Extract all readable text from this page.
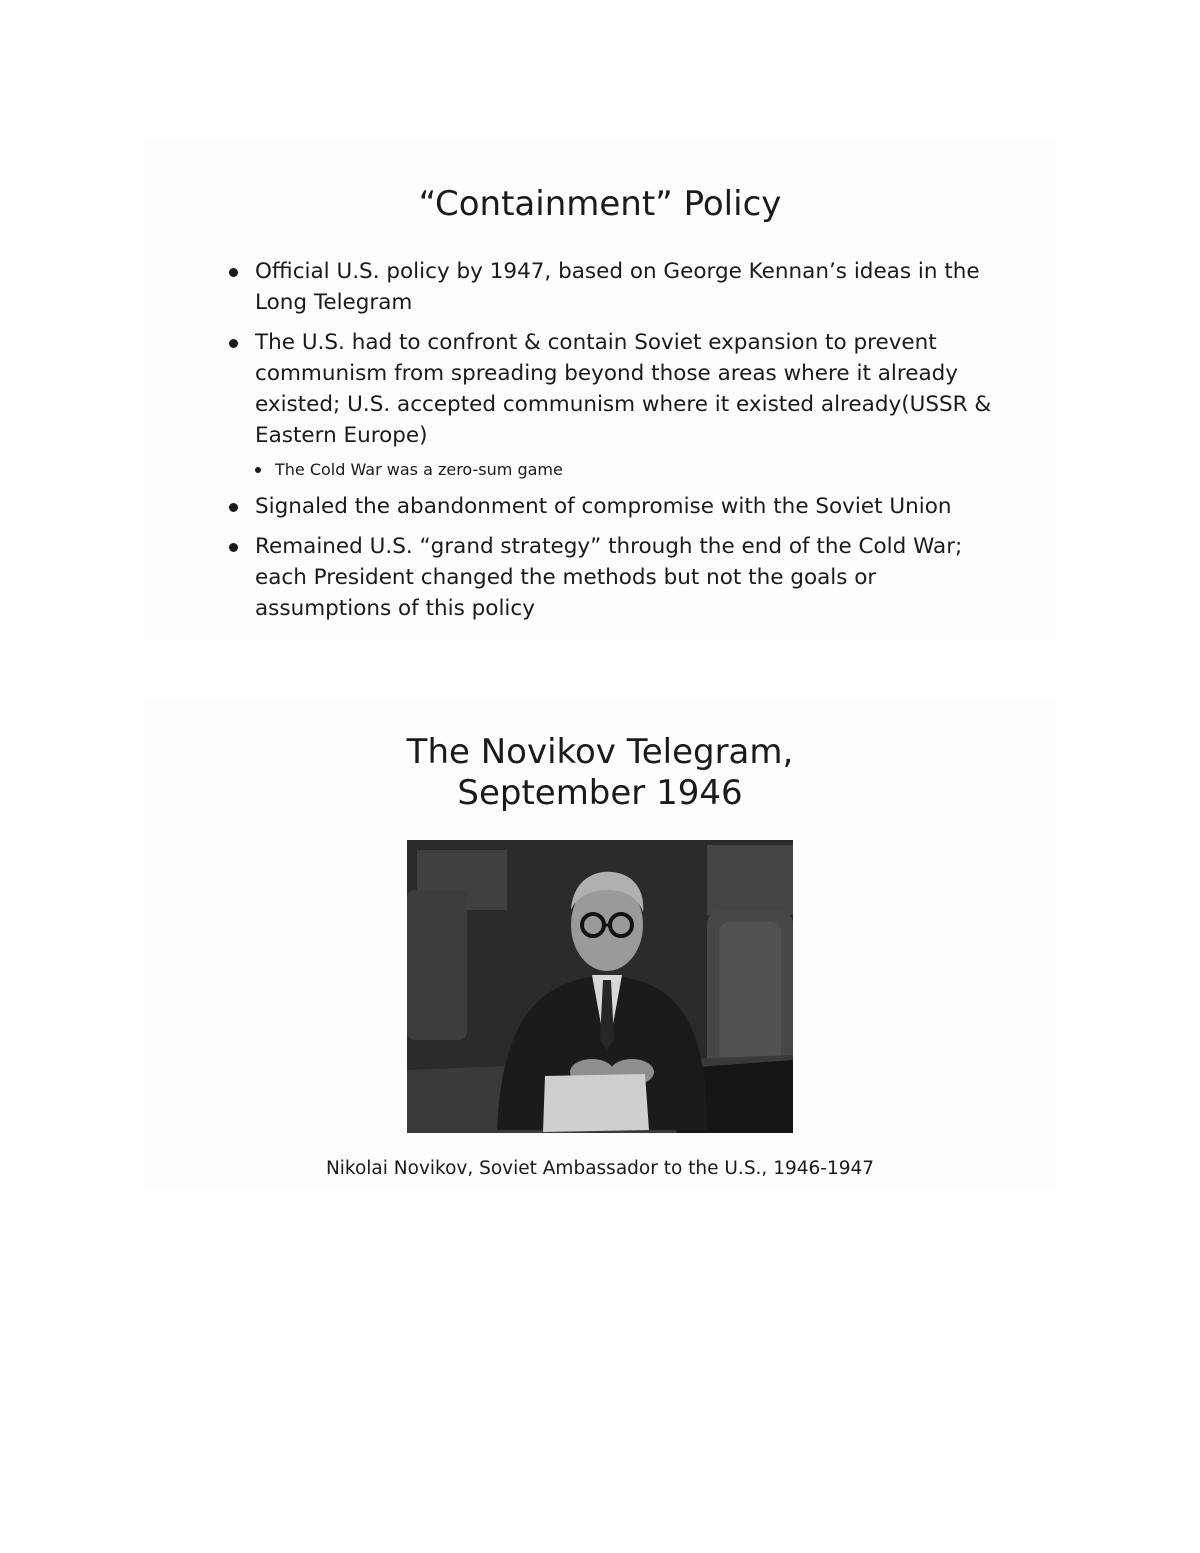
“Containment” Policy
Official U.S. policy by 1947, based on George Kennan’s ideas in the Long Telegram
The U.S. had to confront & contain Soviet expansion to prevent communism from spreading beyond those areas where it already existed; U.S. accepted communism where it existed already(USSR & Eastern Europe)
The Cold War was a zero-sum game
Signaled the abandonment of compromise with the Soviet Union
Remained U.S. “grand strategy” through the end of the Cold War; each President changed the methods but not the goals or assumptions of this policy
The Novikov Telegram,
September 1946
Nikolai Novikov, Soviet Ambassador to the U.S., 1946-1947
